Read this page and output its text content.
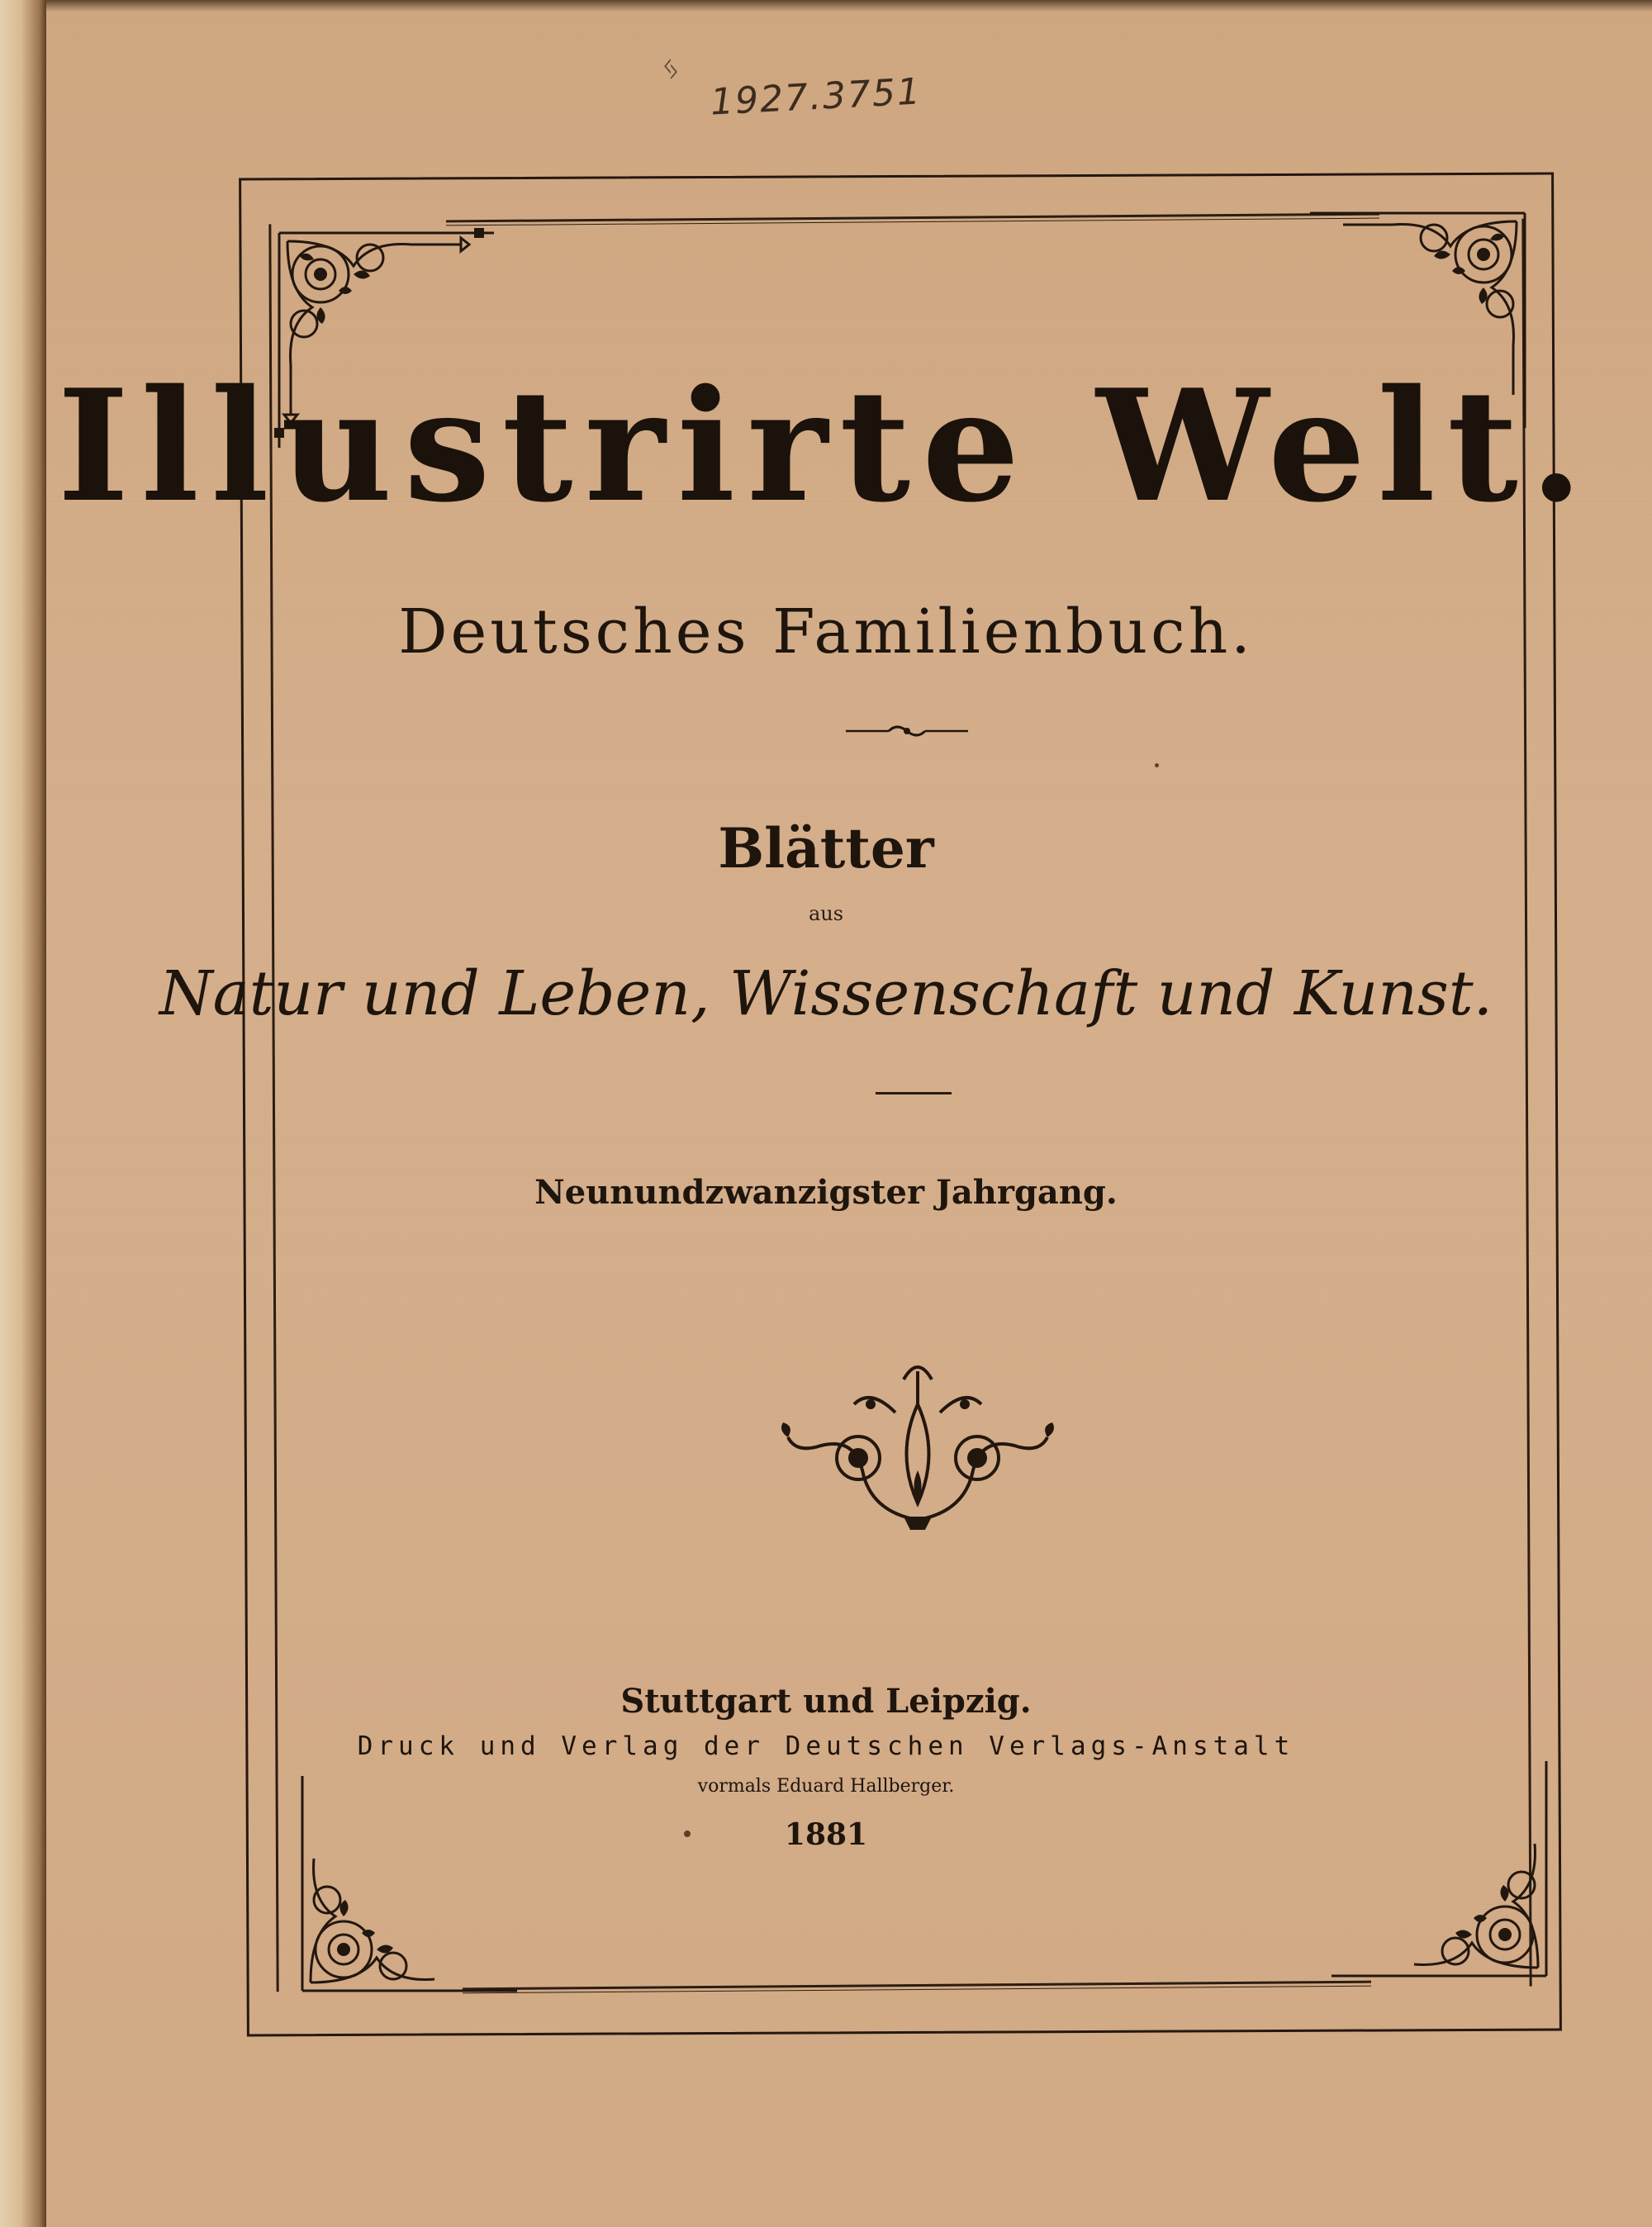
ᛃ
1927.3751
Illustrirte Welt.
Deutsches Familienbuch.
Blätter
aus
Natur und Leben, Wissenschaft und Kunst.
Neunundzwanzigster Jahrgang.
Stuttgart und Leipzig.
Druck und Verlag der Deutschen Verlags-Anstalt
vormals Eduard Hallberger.
1881
